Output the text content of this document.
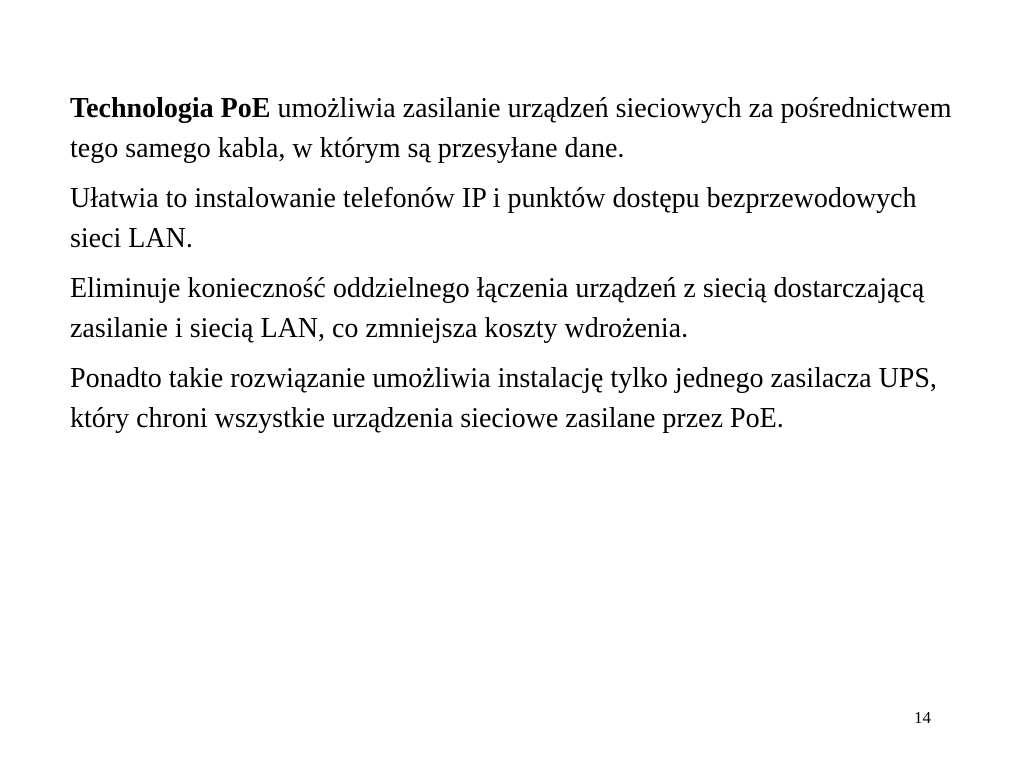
Technologia PoE umożliwia zasilanie urządzeń sieciowych za pośrednictwem tego samego kabla, w którym są przesyłane dane.

Ułatwia to instalowanie telefonów IP i punktów dostępu bezprzewodowych sieci LAN.

Eliminuje konieczność oddzielnego łączenia urządzeń z siecią dostarczającą zasilanie i siecią LAN, co zmniejsza koszty wdrożenia.

Ponadto takie rozwiązanie umożliwia instalację tylko jednego zasilacza UPS, który chroni wszystkie urządzenia sieciowe zasilane przez PoE.

14
